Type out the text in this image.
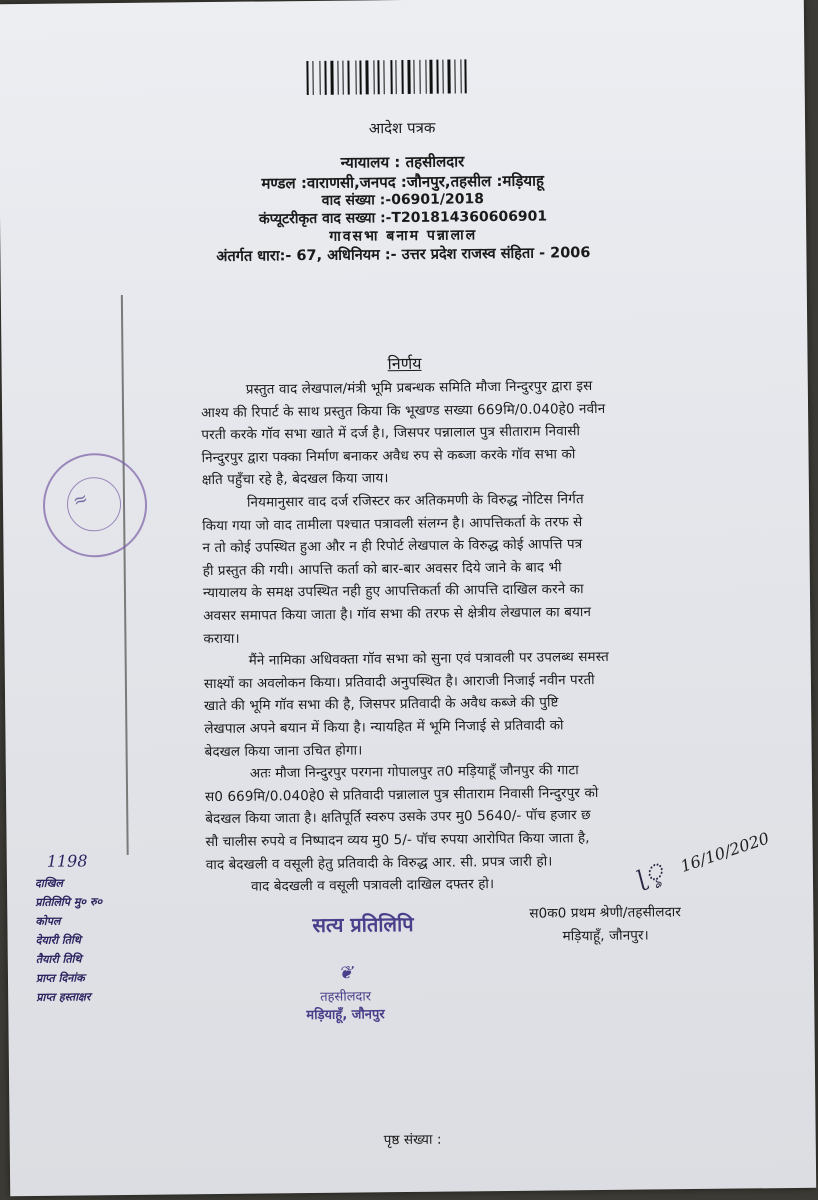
आदेश पत्रक
न्यायालय : तहसीलदार
मण्डल :वाराणसी,जनपद :जौनपुर,तहसील :मड़ियाहू
वाद संख्या :-06901/2018
कंप्यूटरीकृत वाद सख्या :-T201814360606901
गावसभा बनाम पन्नालाल
अंतर्गत धारा:- 67, अधिनियम :- उत्तर प्रदेश राजस्व संहिता - 2006
निर्णय
प्रस्तुत वाद लेखपाल/मंत्री भूमि प्रबन्धक समिति मौजा निन्दुरपुर द्वारा इस
आश्य की रिपार्ट के साथ प्रस्तुत किया कि भूखण्ड सख्या 669मि/0.040हे0 नवीन
परती करके गॉव सभा खाते में दर्ज है।, जिसपर पन्नालाल पुत्र सीताराम निवासी
निन्दुरपुर द्वारा पक्का निर्माण बनाकर अवैध रुप से कब्जा करके गॉव सभा को
क्षति पहुँचा रहे है, बेदखल किया जाय।
नियमानुसार वाद दर्ज रजिस्टर कर अतिकमणी के विरुद्ध नोटिस निर्गत
किया गया जो वाद तामीला पश्चात पत्रावली संलग्न है। आपत्तिकर्ता के तरफ से
न तो कोई उपस्थित हुआ और न ही रिपोर्ट लेखपाल के विरुद्ध कोई आपत्ति पत्र
ही प्रस्तुत की गयी। आपत्ति कर्ता को बार-बार अवसर दिये जाने के बाद भी
न्यायालय के समक्ष उपस्थित नही हुए आपत्तिकर्ता की आपत्ति दाखिल करने का
अवसर समापत किया जाता है। गॉव सभा की तरफ से क्षेत्रीय लेखपाल का बयान
कराया।
मैंने नामिका अधिवक्ता गॉव सभा को सुना एवं पत्रावली पर उपलब्ध समस्त
साक्ष्यों का अवलोकन किया। प्रतिवादी अनुपस्थित है। आराजी निजाई नवीन परती
खाते की भूमि गॉव सभा की है, जिसपर प्रतिवादी के अवैध कब्जे की पुष्टि
लेखपाल अपने बयान में किया है। न्यायहित में भूमि निजाई से प्रतिवादी को
बेदखल किया जाना उचित होगा।
अतः मौजा निन्दुरपुर परगना गोपालपुर त0 मड़ियाहूँ जौनपुर की गाटा
स0 669मि/0.040हे0 से प्रतिवादी पन्नालाल पुत्र सीताराम निवासी निन्दुरपुर को
बेदखल किया जाता है। क्षतिपूर्ति स्वरुप उसके उपर मु0 5640/- पॉच हजार छ
सौ चालीस रुपये व निष्पादन व्यय मु0 5/- पॉच रुपया आरोपित किया जाता है,
वाद बेदखली व वसूली हेतु प्रतिवादी के विरुद्ध आर. सी. प्रपत्र जारी हो।
वाद बेदखली व वसूली पत्रावली दाखिल दफ्तर हो।
≈
सत्य प्रतिलिपि
❦
तहसीलदार
मड़ियाहूँ, जौनपुर
स0क0 प्रथम श्रेणी/तहसीलदार
मड़ियाहूँ, जौनपुर।
ɭৢ 16/10/2020
1198
दाखिल
प्रतिलिपि मु० रु०
कोपल
देयारी तिथि
तैयारी तिथि
प्राप्त दिनांक
प्राप्त हस्ताक्षर
पृष्ठ संख्या :
